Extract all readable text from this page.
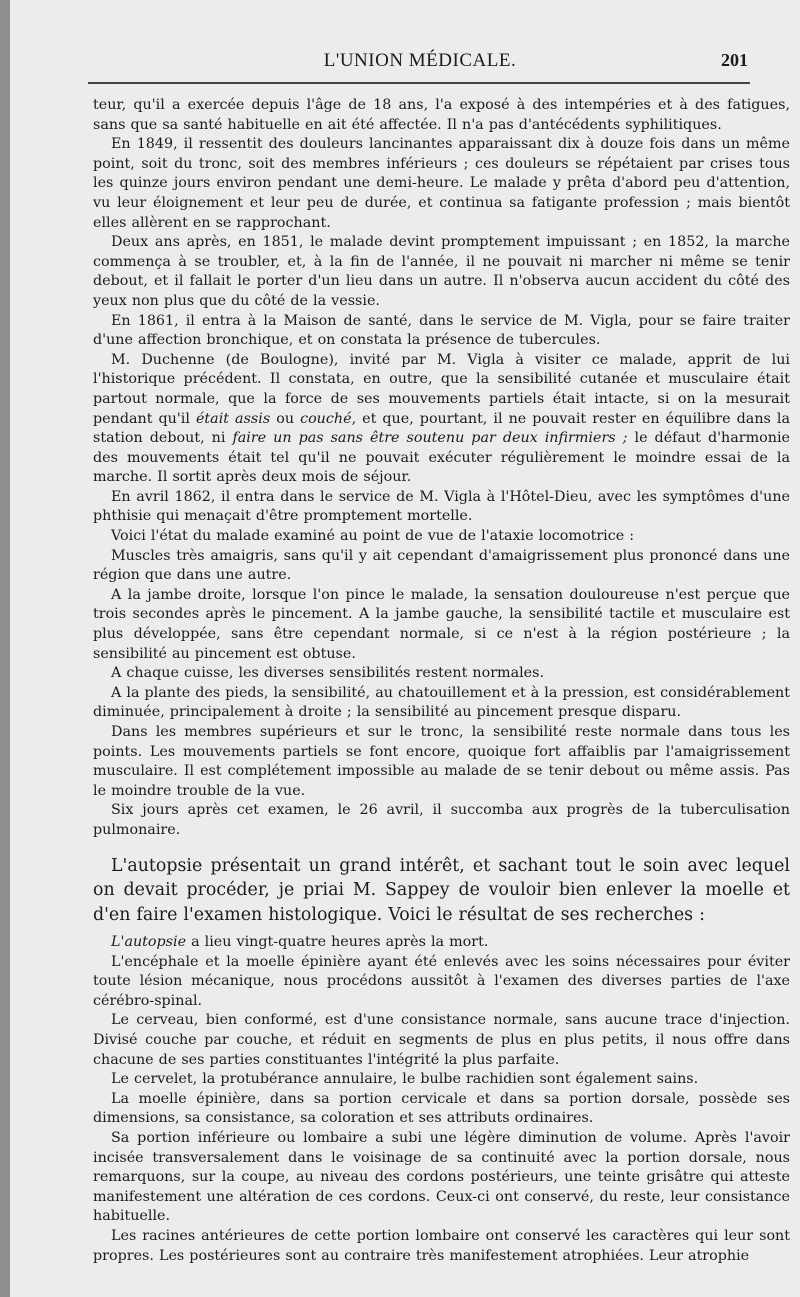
L'UNION MÉDICALE.	201

teur, qu'il a exercée depuis l'âge de 18 ans, l'a exposé à des intempéries et à des fatigues, sans que sa santé habituelle en ait été affectée. Il n'a pas d'antécédents syphilitiques.

En 1849, il ressentit des douleurs lancinantes apparaissant dix à douze fois dans un même point, soit du tronc, soit des membres inférieurs ; ces douleurs se répétaient par crises tous les quinze jours environ pendant une demi-heure. Le malade y prêta d'abord peu d'attention, vu leur éloignement et leur peu de durée, et continua sa fatigante profession ; mais bientôt elles allèrent en se rapprochant.

Deux ans après, en 1851, le malade devint promptement impuissant ; en 1852, la marche commença à se troubler, et, à la fin de l'année, il ne pouvait ni marcher ni même se tenir debout, et il fallait le porter d'un lieu dans un autre. Il n'observa aucun accident du côté des yeux non plus que du côté de la vessie.

En 1861, il entra à la Maison de santé, dans le service de M. Vigla, pour se faire traiter d'une affection bronchique, et on constata la présence de tubercules.

M. Duchenne (de Boulogne), invité par M. Vigla à visiter ce malade, apprit de lui l'historique précédent. Il constata, en outre, que la sensibilité cutanée et musculaire était partout normale, que la force de ses mouvements partiels était intacte, si on la mesurait pendant qu'il était assis ou couché, et que, pourtant, il ne pouvait rester en équilibre dans la station debout, ni faire un pas sans être soutenu par deux infirmiers ; le défaut d'harmonie des mouvements était tel qu'il ne pouvait exécuter régulièrement le moindre essai de la marche. Il sortit après deux mois de séjour.

En avril 1862, il entra dans le service de M. Vigla à l'Hôtel-Dieu, avec les symptômes d'une phthisie qui menaçait d'être promptement mortelle.

Voici l'état du malade examiné au point de vue de l'ataxie locomotrice :

Muscles très amaigris, sans qu'il y ait cependant d'amaigrissement plus prononcé dans une région que dans une autre.

A la jambe droite, lorsque l'on pince le malade, la sensation douloureuse n'est perçue que trois secondes après le pincement. A la jambe gauche, la sensibilité tactile et musculaire est plus développée, sans être cependant normale, si ce n'est à la région postérieure ; la sensibilité au pincement est obtuse.

A chaque cuisse, les diverses sensibilités restent normales.

A la plante des pieds, la sensibilité, au chatouillement et à la pression, est considérablement diminuée, principalement à droite ; la sensibilité au pincement presque disparu.

Dans les membres supérieurs et sur le tronc, la sensibilité reste normale dans tous les points. Les mouvements partiels se font encore, quoique fort affaiblis par l'amaigrissement musculaire. Il est complétement impossible au malade de se tenir debout ou même assis. Pas le moindre trouble de la vue.

Six jours après cet examen, le 26 avril, il succomba aux progrès de la tuberculisation pulmonaire.

L'autopsie présentait un grand intérêt, et sachant tout le soin avec lequel on devait procéder, je priai M. Sappey de vouloir bien enlever la moelle et d'en faire l'examen histologique. Voici le résultat de ses recherches :

L'autopsie a lieu vingt-quatre heures après la mort.

L'encéphale et la moelle épinière ayant été enlevés avec les soins nécessaires pour éviter toute lésion mécanique, nous procédons aussitôt à l'examen des diverses parties de l'axe cérébro-spinal.

Le cerveau, bien conformé, est d'une consistance normale, sans aucune trace d'injection. Divisé couche par couche, et réduit en segments de plus en plus petits, il nous offre dans chacune de ses parties constituantes l'intégrité la plus parfaite.

Le cervelet, la protubérance annulaire, le bulbe rachidien sont également sains.

La moelle épinière, dans sa portion cervicale et dans sa portion dorsale, possède ses dimensions, sa consistance, sa coloration et ses attributs ordinaires.

Sa portion inférieure ou lombaire a subi une légère diminution de volume. Après l'avoir incisée transversalement dans le voisinage de sa continuité avec la portion dorsale, nous remarquons, sur la coupe, au niveau des cordons postérieurs, une teinte grisâtre qui atteste manifestement une altération de ces cordons. Ceux-ci ont conservé, du reste, leur consistance habituelle.

Les racines antérieures de cette portion lombaire ont conservé les caractères qui leur sont propres. Les postérieures sont au contraire très manifestement atrophiées. Leur atrophie
